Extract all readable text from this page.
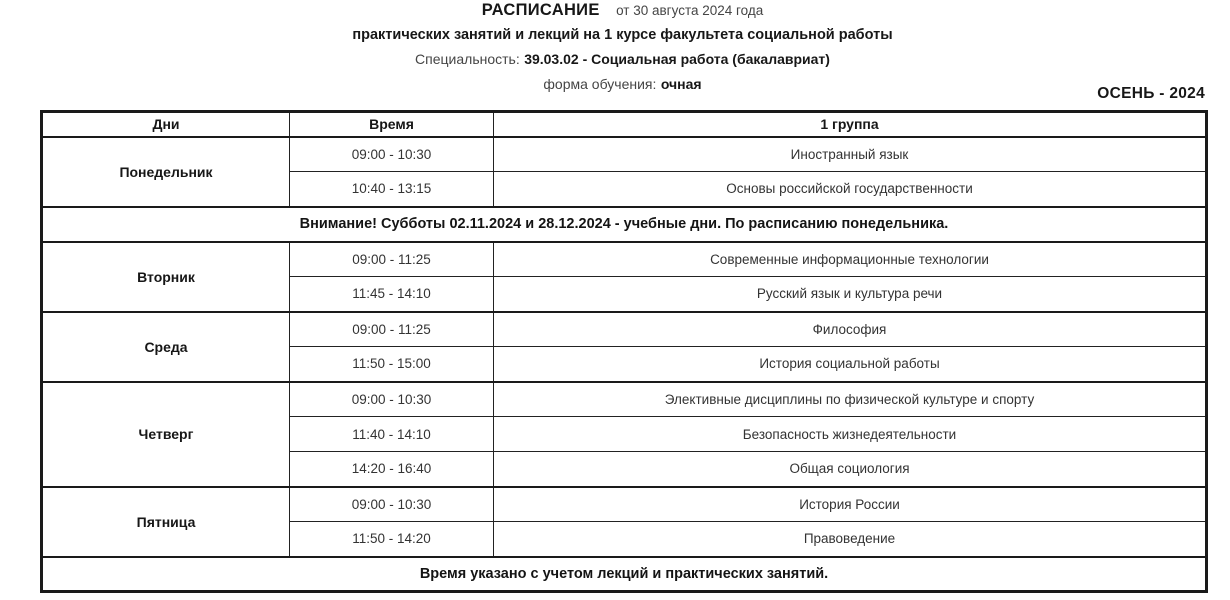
РАСПИСАНИЕ от 30 августа 2024 года
практических занятий и лекций на 1 курсе факультета социальной работы
Специальность: 39.03.02 - Социальная работа (бакалавриат)
форма обучения: очная
ОСЕНЬ - 2024
Дни	Время	1 группа
Понедельник	09:00 - 10:30	Иностранный язык
	10:40 - 13:15	Основы российской государственности
Внимание! Субботы 02.11.2024 и 28.12.2024 - учебные дни. По расписанию понедельника.		
Вторник	09:00 - 11:25	Современные информационные технологии
	11:45 - 14:10	Русский язык и культура речи
Среда	09:00 - 11:25	Философия
	11:50 - 15:00	История социальной работы
Четверг	09:00 - 10:30	Элективные дисциплины по физической культуре и спорту
	11:40 - 14:10	Безопасность жизнедеятельности
	14:20 - 16:40	Общая социология
Пятница	09:00 - 10:30	История России
	11:50 - 14:20	Правоведение
Время указано с учетом лекций и практических занятий.		
